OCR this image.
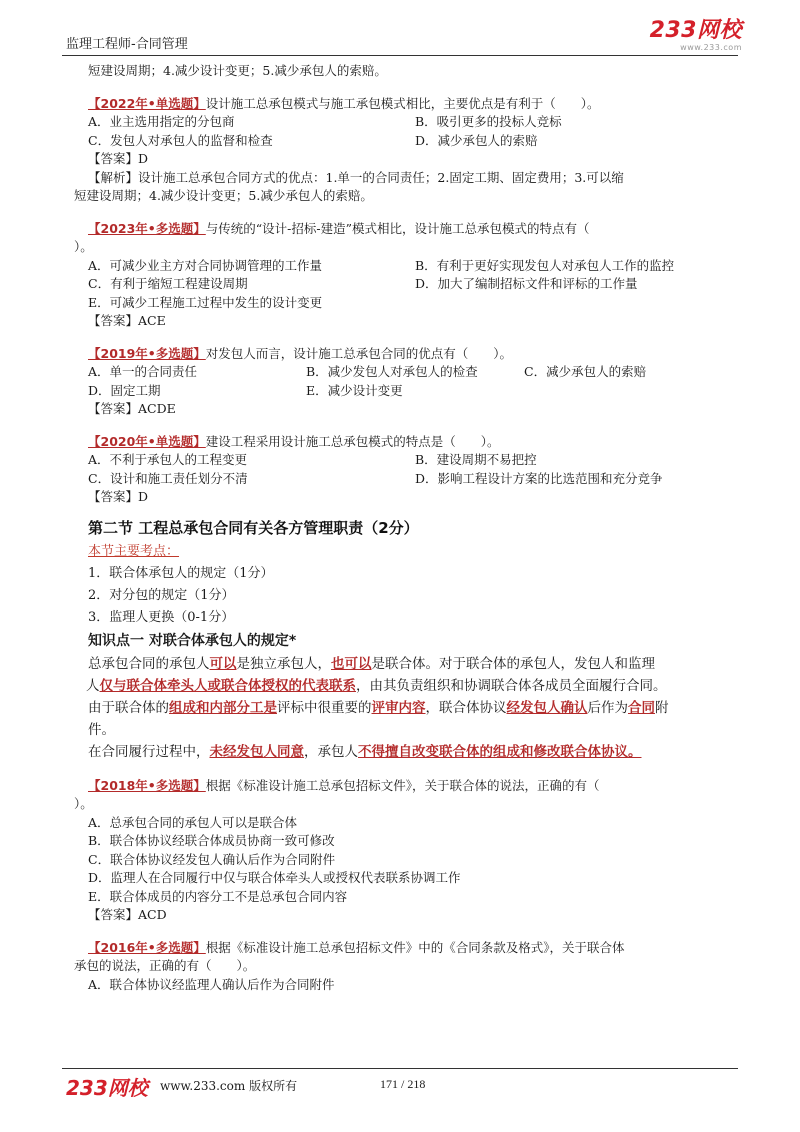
监理工程师-合同管理
233网校
www.233.com
短建设周期；4.减少设计变更；5.减少承包人的索赔。
【2022年•单选题】设计施工总承包模式与施工承包模式相比，主要优点是有利于（　　）。
A．业主选用指定的分包商	B．吸引更多的投标人竞标
C．发包人对承包人的监督和检查	D．减少承包人的索赔
【答案】D
【解析】设计施工总承包合同方式的优点：1.单一的合同责任；2.固定工期、固定费用；3.可以缩
短建设周期；4.减少设计变更；5.减少承包人的索赔。
【2023年•多选题】与传统的“设计-招标-建造”模式相比，设计施工总承包模式的特点有（
）。
A．可减少业主方对合同协调管理的工作量	B．有利于更好实现发包人对承包人工作的监控
C．有利于缩短工程建设周期	D．加大了编制招标文件和评标的工作量
E．可减少工程施工过程中发生的设计变更
【答案】ACE
【2019年•多选题】对发包人而言，设计施工总承包合同的优点有（　　）。
A．单一的合同责任	B．减少发包人对承包人的检查	C．减少承包人的索赔
D．固定工期	E．减少设计变更
【答案】ACDE
【2020年•单选题】建设工程采用设计施工总承包模式的特点是（　　）。
A．不利于承包人的工程变更	B．建设周期不易把控
C．设计和施工责任划分不清	D．影响工程设计方案的比选范围和充分竞争
【答案】D
第二节 工程总承包合同有关各方管理职责（2分）
本节主要考点：
1．联合体承包人的规定（1分）
2．对分包的规定（1分）
3．监理人更换（0-1分）
知识点一 对联合体承包人的规定*
总承包合同的承包人可以是独立承包人，也可以是联合体。对于联合体的承包人，发包人和监理
人仅与联合体牵头人或联合体授权的代表联系，由其负责组织和协调联合体各成员全面履行合同。
由于联合体的组成和内部分工是评标中很重要的评审内容，联合体协议经发包人确认后作为合同附
件。
在合同履行过程中，未经发包人同意，承包人不得擅自改变联合体的组成和修改联合体协议。
【2018年•多选题】根据《标准设计施工总承包招标文件》，关于联合体的说法，正确的有（
）。
A．总承包合同的承包人可以是联合体
B．联合体协议经联合体成员协商一致可修改
C．联合体协议经发包人确认后作为合同附件
D．监理人在合同履行中仅与联合体牵头人或授权代表联系协调工作
E．联合体成员的内容分工不是总承包合同内容
【答案】ACD
【2016年•多选题】根据《标准设计施工总承包招标文件》中的《合同条款及格式》，关于联合体
承包的说法，正确的有（　　）。
A．联合体协议经监理人确认后作为合同附件
233网校 www.233.com 版权所有	171 / 218
